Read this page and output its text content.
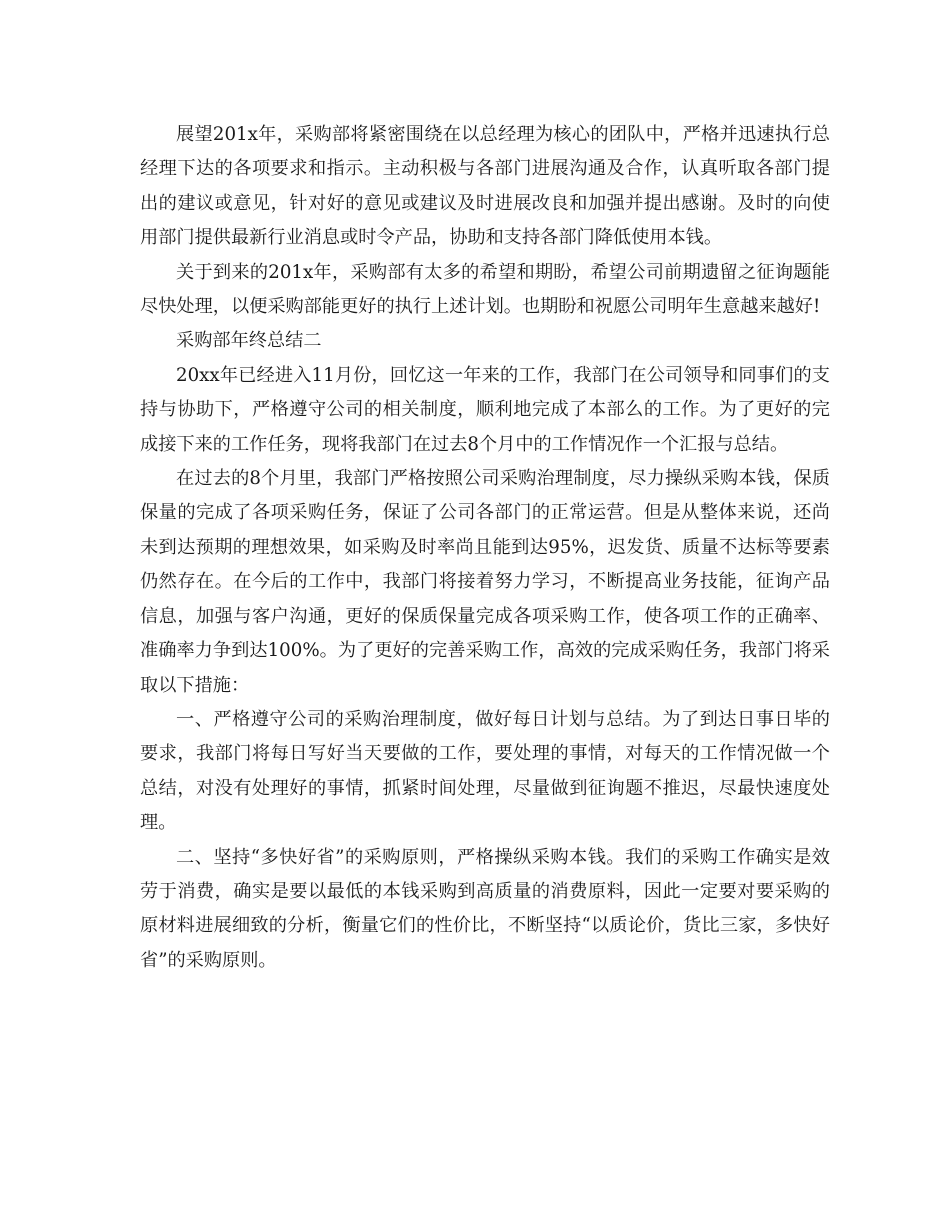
展望201x年，采购部将紧密围绕在以总经理为核心的团队中，严格并迅速执行总经理下达的各项要求和指示。主动积极与各部门进展沟通及合作，认真听取各部门提出的建议或意见，针对好的意见或建议及时进展改良和加强并提出感谢。及时的向使用部门提供最新行业消息或时令产品，协助和支持各部门降低使用本钱。

关于到来的201x年，采购部有太多的希望和期盼，希望公司前期遗留之征询题能尽快处理，以便采购部能更好的执行上述计划。也期盼和祝愿公司明年生意越来越好!

采购部年终总结二

20xx年已经进入11月份，回忆这一年来的工作，我部门在公司领导和同事们的支持与协助下，严格遵守公司的相关制度，顺利地完成了本部么的工作。为了更好的完成接下来的工作任务，现将我部门在过去8个月中的工作情况作一个汇报与总结。

在过去的8个月里，我部门严格按照公司采购治理制度，尽力操纵采购本钱，保质保量的完成了各项采购任务，保证了公司各部门的正常运营。但是从整体来说，还尚未到达预期的理想效果，如采购及时率尚且能到达95%，迟发货、质量不达标等要素仍然存在。在今后的工作中，我部门将接着努力学习，不断提高业务技能，征询产品信息，加强与客户沟通，更好的保质保量完成各项采购工作，使各项工作的正确率、准确率力争到达100%。为了更好的完善采购工作，高效的完成采购任务，我部门将采取以下措施：

一、严格遵守公司的采购治理制度，做好每日计划与总结。为了到达日事日毕的要求，我部门将每日写好当天要做的工作，要处理的事情，对每天的工作情况做一个总结，对没有处理好的事情，抓紧时间处理，尽量做到征询题不推迟，尽最快速度处理。

二、坚持“多快好省”的采购原则，严格操纵采购本钱。我们的采购工作确实是效劳于消费，确实是要以最低的本钱采购到高质量的消费原料，因此一定要对要采购的原材料进展细致的分析，衡量它们的性价比，不断坚持“以质论价，货比三家，多快好省”的采购原则。
